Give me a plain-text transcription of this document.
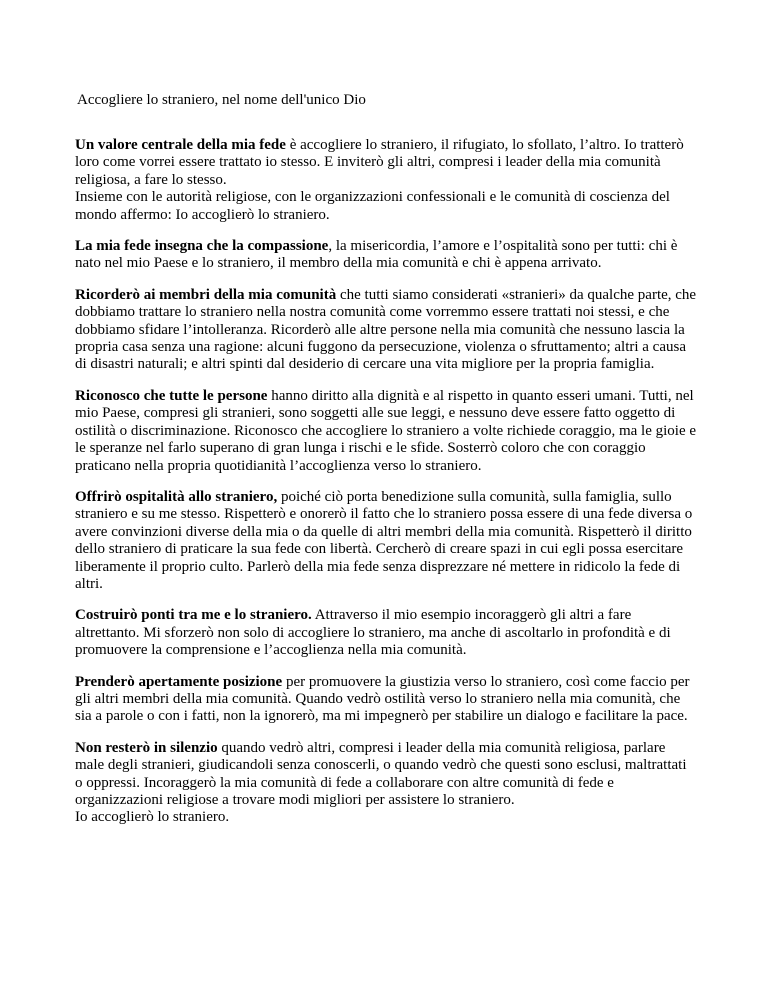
Accogliere lo straniero, nel nome dell'unico Dio

Un valore centrale della mia fede è accogliere lo straniero, il rifugiato, lo sfollato, l’altro. Io tratterò loro come vorrei essere trattato io stesso. E inviterò gli altri, compresi i leader della mia comunità religiosa, a fare lo stesso.
Insieme con le autorità religiose, con le organizzazioni confessionali e le comunità di coscienza del mondo affermo: Io accoglierò lo straniero.

La mia fede insegna che la compassione, la misericordia, l’amore e l’ospitalità sono per tutti: chi è nato nel mio Paese e lo straniero, il membro della mia comunità e chi è appena arrivato.

Ricorderò ai membri della mia comunità che tutti siamo considerati «stranieri» da qualche parte, che dobbiamo trattare lo straniero nella nostra comunità come vorremmo essere trattati noi stessi, e che dobbiamo sfidare l’intolleranza. Ricorderò alle altre persone nella mia comunità che nessuno lascia la propria casa senza una ragione: alcuni fuggono da persecuzione, violenza o sfruttamento; altri a causa di disastri naturali; e altri spinti dal desiderio di cercare una vita migliore per la propria famiglia.

Riconosco che tutte le persone hanno diritto alla dignità e al rispetto in quanto esseri umani. Tutti, nel mio Paese, compresi gli stranieri, sono soggetti alle sue leggi, e nessuno deve essere fatto oggetto di ostilità o discriminazione. Riconosco che accogliere lo straniero a volte richiede coraggio, ma le gioie e le speranze nel farlo superano di gran lunga i rischi e le sfide. Sosterrò coloro che con coraggio praticano nella propria quotidianità l’accoglienza verso lo straniero.

Offrirò ospitalità allo straniero, poiché ciò porta benedizione sulla comunità, sulla famiglia, sullo straniero e su me stesso. Rispetterò e onorerò il fatto che lo straniero possa essere di una fede diversa o avere convinzioni diverse della mia o da quelle di altri membri della mia comunità. Rispetterò il diritto dello straniero di praticare la sua fede con libertà. Cercherò di creare spazi in cui egli possa esercitare liberamente il proprio culto. Parlerò della mia fede senza disprezzare né mettere in ridicolo la fede di altri.

Costruirò ponti tra me e lo straniero. Attraverso il mio esempio incoraggerò gli altri a fare altrettanto. Mi sforzerò non solo di accogliere lo straniero, ma anche di ascoltarlo in profondità e di promuovere la comprensione e l’accoglienza nella mia comunità.

Prenderò apertamente posizione per promuovere la giustizia verso lo straniero, così come faccio per gli altri membri della mia comunità. Quando vedrò ostilità verso lo straniero nella mia comunità, che sia a parole o con i fatti, non la ignorerò, ma mi impegnerò per stabilire un dialogo e facilitare la pace.

Non resterò in silenzio quando vedrò altri, compresi i leader della mia comunità religiosa, parlare male degli stranieri, giudicandoli senza conoscerli, o quando vedrò che questi sono esclusi, maltrattati o oppressi. Incoraggerò la mia comunità di fede a collaborare con altre comunità di fede e organizzazioni religiose a trovare modi migliori per assistere lo straniero.
Io accoglierò lo straniero.
